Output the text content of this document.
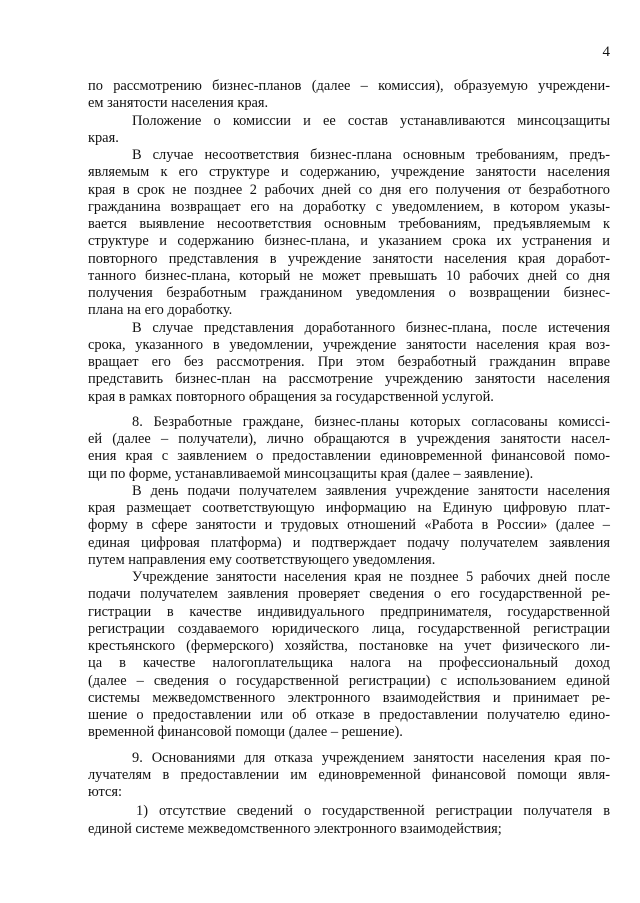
4
по рассмотрению бизнес-планов (далее – комиссия), образуемую учреждени-
ем занятости населения края.
Положение о комиссии и ее состав устанавливаются минсоцзащиты
края.
В случае несоответствия бизнес-плана основным требованиям, предъ-
являемым к его структуре и содержанию, учреждение занятости населения
края в срок не позднее 2 рабочих дней со дня его получения от безработного
гражданина возвращает его на доработку с уведомлением, в котором указы-
вается выявление несоответствия основным требованиям, предъявляемым к
структуре и содержанию бизнес-плана, и указанием срока их устранения и
повторного представления в учреждение занятости населения края доработ-
танного бизнес-плана, который не может превышать 10 рабочих дней со дня
получения безработным гражданином уведомления о возвращении бизнес-
плана на его доработку.
В случае представления доработанного бизнес-плана, после истечения
срока, указанного в уведомлении, учреждение занятости населения края воз-
вращает его без рассмотрения. При этом безработный гражданин вправе
представить бизнес-план на рассмотрение учреждению занятости населения
края в рамках повторного обращения за государственной услугой.
8. Безработные граждане, бизнес-планы которых согласованы комиссi-
ей (далее – получатели), лично обращаются в учреждения занятости насел-
ения края с заявлением о предоставлении единовременной финансовой помо-
щи по форме, устанавливаемой минсоцзащиты края (далее – заявление).
В день подачи получателем заявления учреждение занятости населения
края размещает соответствующую информацию на Единую цифровую плат-
форму в сфере занятости и трудовых отношений «Работа в России» (далее –
единая цифровая платформа) и подтверждает подачу получателем заявления
путем направления ему соответствующего уведомления.
Учреждение занятости населения края не позднее 5 рабочих дней после
подачи получателем заявления проверяет сведения о его государственной ре-
гистрации в качестве индивидуального предпринимателя, государственной
регистрации создаваемого юридического лица, государственной регистрации
крестьянского (фермерского) хозяйства, постановке на учет физического ли-
ца в качестве налогоплательщика налога на профессиональный доход
(далее – сведения о государственной регистрации) с использованием единой
системы межведомственного электронного взаимодействия и принимает ре-
шение о предоставлении или об отказе в предоставлении получателю едино-
временной финансовой помощи (далее – решение).
9. Основаниями для отказа учреждением занятости населения края по-
лучателям в предоставлении им единовременной финансовой помощи явля-
ются:
1) отсутствие сведений о государственной регистрации получателя в
единой системе межведомственного электронного взаимодействия;
